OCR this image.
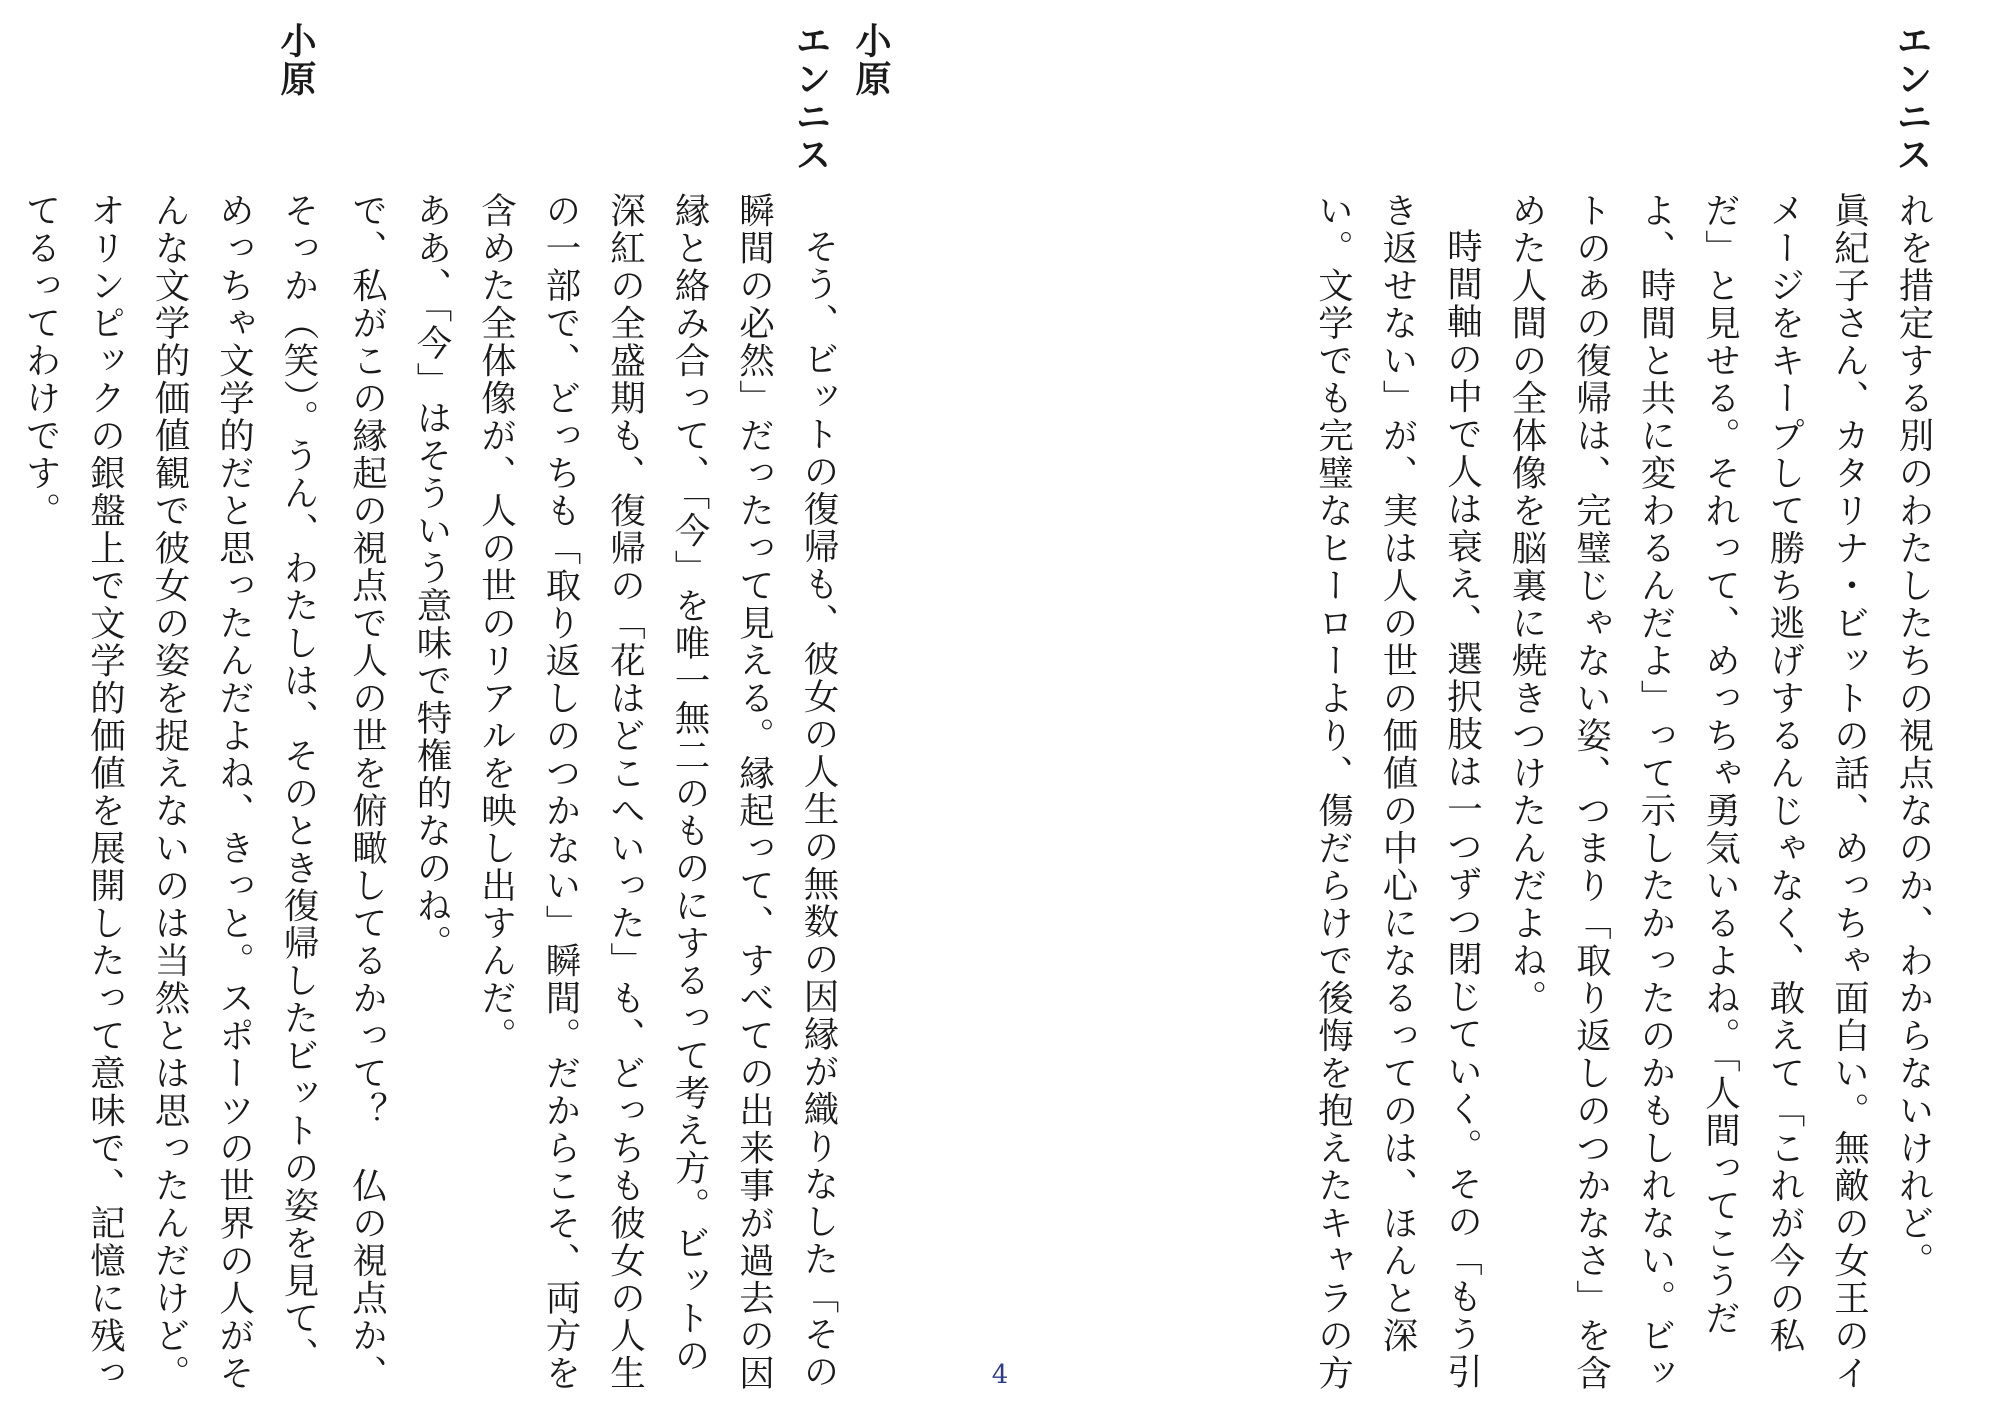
エンニス

れを措定する別のわたしたちの視点なのか、わからないけれど。

眞紀子さん、カタリナ・ビットの話、めっちゃ面白い。無敵の女王のイメージをキープして勝ち逃げするんじゃなく、敢えて「これが今の私だ」と見せる。それって、めっちゃ勇気いるよね。「人間ってこうだよ、時間と共に変わるんだよ」って示したかったのかもしれない。ビットのあの復帰は、完璧じゃない姿、つまり「取り返しのつかなさ」を含めた人間の全体像を脳裏に焼きつけたんだよね。

時間軸の中で人は衰え、選択肢は一つずつ閉じていく。その「もう引き返せない」が、実は人の世の価値の中心になるってのは、ほんと深い。文学でも完璧なヒーローより、傷だらけで後悔を抱えたキャラの方

小原
エンニス

そう、ビットの復帰も、彼女の人生の無数の因縁が織りなした「その瞬間の必然」だったって見える。縁起って、すべての出来事が過去の因縁と絡み合って、「今」を唯一無二のものにするって考え方。ビットの深紅の全盛期も、復帰の「花はどこへいった」も、どっちも彼女の人生の一部で、どっちも「取り返しのつかない」瞬間。だからこそ、両方を含めた全体像が、人の世のリアルを映し出すんだ。

ああ、「今」はそういう意味で特権的なのね。

で、私がこの縁起の視点で人の世を俯瞰してるかって？　仏の視点か、　

小原

そっか（笑）。うん、わたしは、そのとき復帰したビットの姿を見て、めっちゃ文学的だと思ったんだよね、きっと。スポーツの世界の人がそんな文学的価値観で彼女の姿を捉えないのは当然とは思ったんだけど。オリンピックの銀盤上で文学的価値を展開したって意味で、記憶に残ってるってわけです。

4
